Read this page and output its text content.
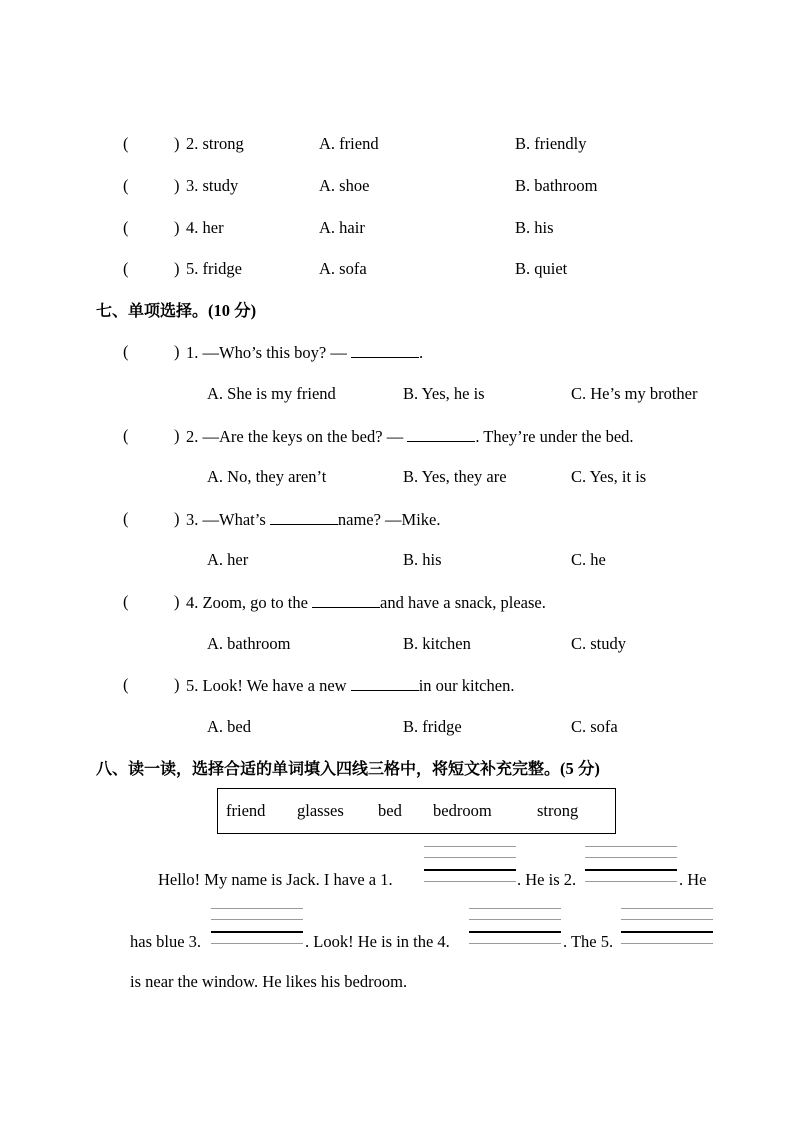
(	) 2. strong	A. friend	B. friendly
(	) 3. study	A. shoe	B. bathroom
(	) 4. her	A. hair	B. his
(	) 5. fridge	A. sofa	B. quiet
七、单项选择。(10 分)
(	) 1. —Who’s this boy? —	.
A. She is my friend	B. Yes, he is	C. He’s my brother
(	) 2. —Are the keys on the bed? —	. They’re under the bed.
A. No, they aren’t	B. Yes, they are	C. Yes, it is
(	) 3. —What’s	name? —Mike.
A. her	B. his	C. he
(	) 4. Zoom, go to the	and have a snack, please.
A. bathroom	B. kitchen	C. study
(	) 5. Look! We have a new	in our kitchen.
A. bed	B. fridge	C. sofa
八、读一读，选择合适的单词填入四线三格中，将短文补充完整。(5 分)
friend glasses bed bedroom	strong
Hello! My name is Jack. I have a 1.	. He is 2.	. He
has blue 3.	. Look! He is in the 4.	. The 5.
is near the window. He likes his bedroom.
